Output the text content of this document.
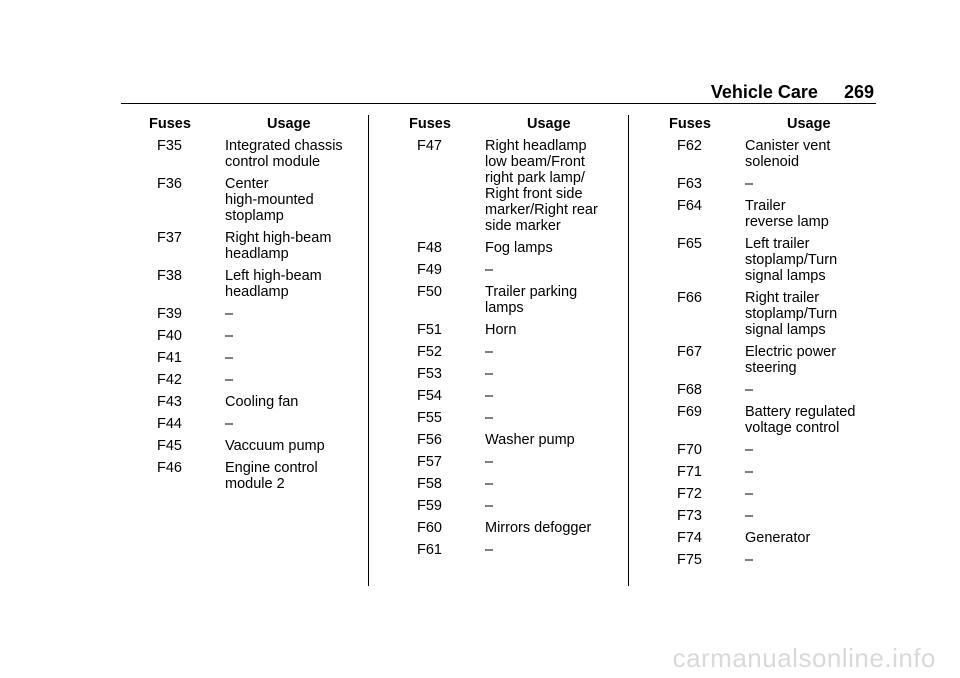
Vehicle Care 269
Fuses	Usage
F35	Integrated chassis
control module
F36	Center
high-mounted
stoplamp
F37	Right high-beam
headlamp
F38	Left high-beam
headlamp
F39	–
F40	–
F41	–
F42	–
F43	Cooling fan
F44	–
F45	Vaccuum pump
F46	Engine control
module 2
Fuses	Usage
F47	Right headlamp
low beam/Front
right park lamp/
Right front side
marker/Right rear
side marker
F48	Fog lamps
F49	–
F50	Trailer parking
lamps
F51	Horn
F52	–
F53	–
F54	–
F55	–
F56	Washer pump
F57	–
F58	–
F59	–
F60	Mirrors defogger
F61	–
Fuses	Usage
F62	Canister vent
solenoid
F63	–
F64	Trailer
reverse lamp
F65	Left trailer
stoplamp/Turn
signal lamps
F66	Right trailer
stoplamp/Turn
signal lamps
F67	Electric power
steering
F68	–
F69	Battery regulated
voltage control
F70	–
F71	–
F72	–
F73	–
F74	Generator
F75	–
carmanualsonline.info
